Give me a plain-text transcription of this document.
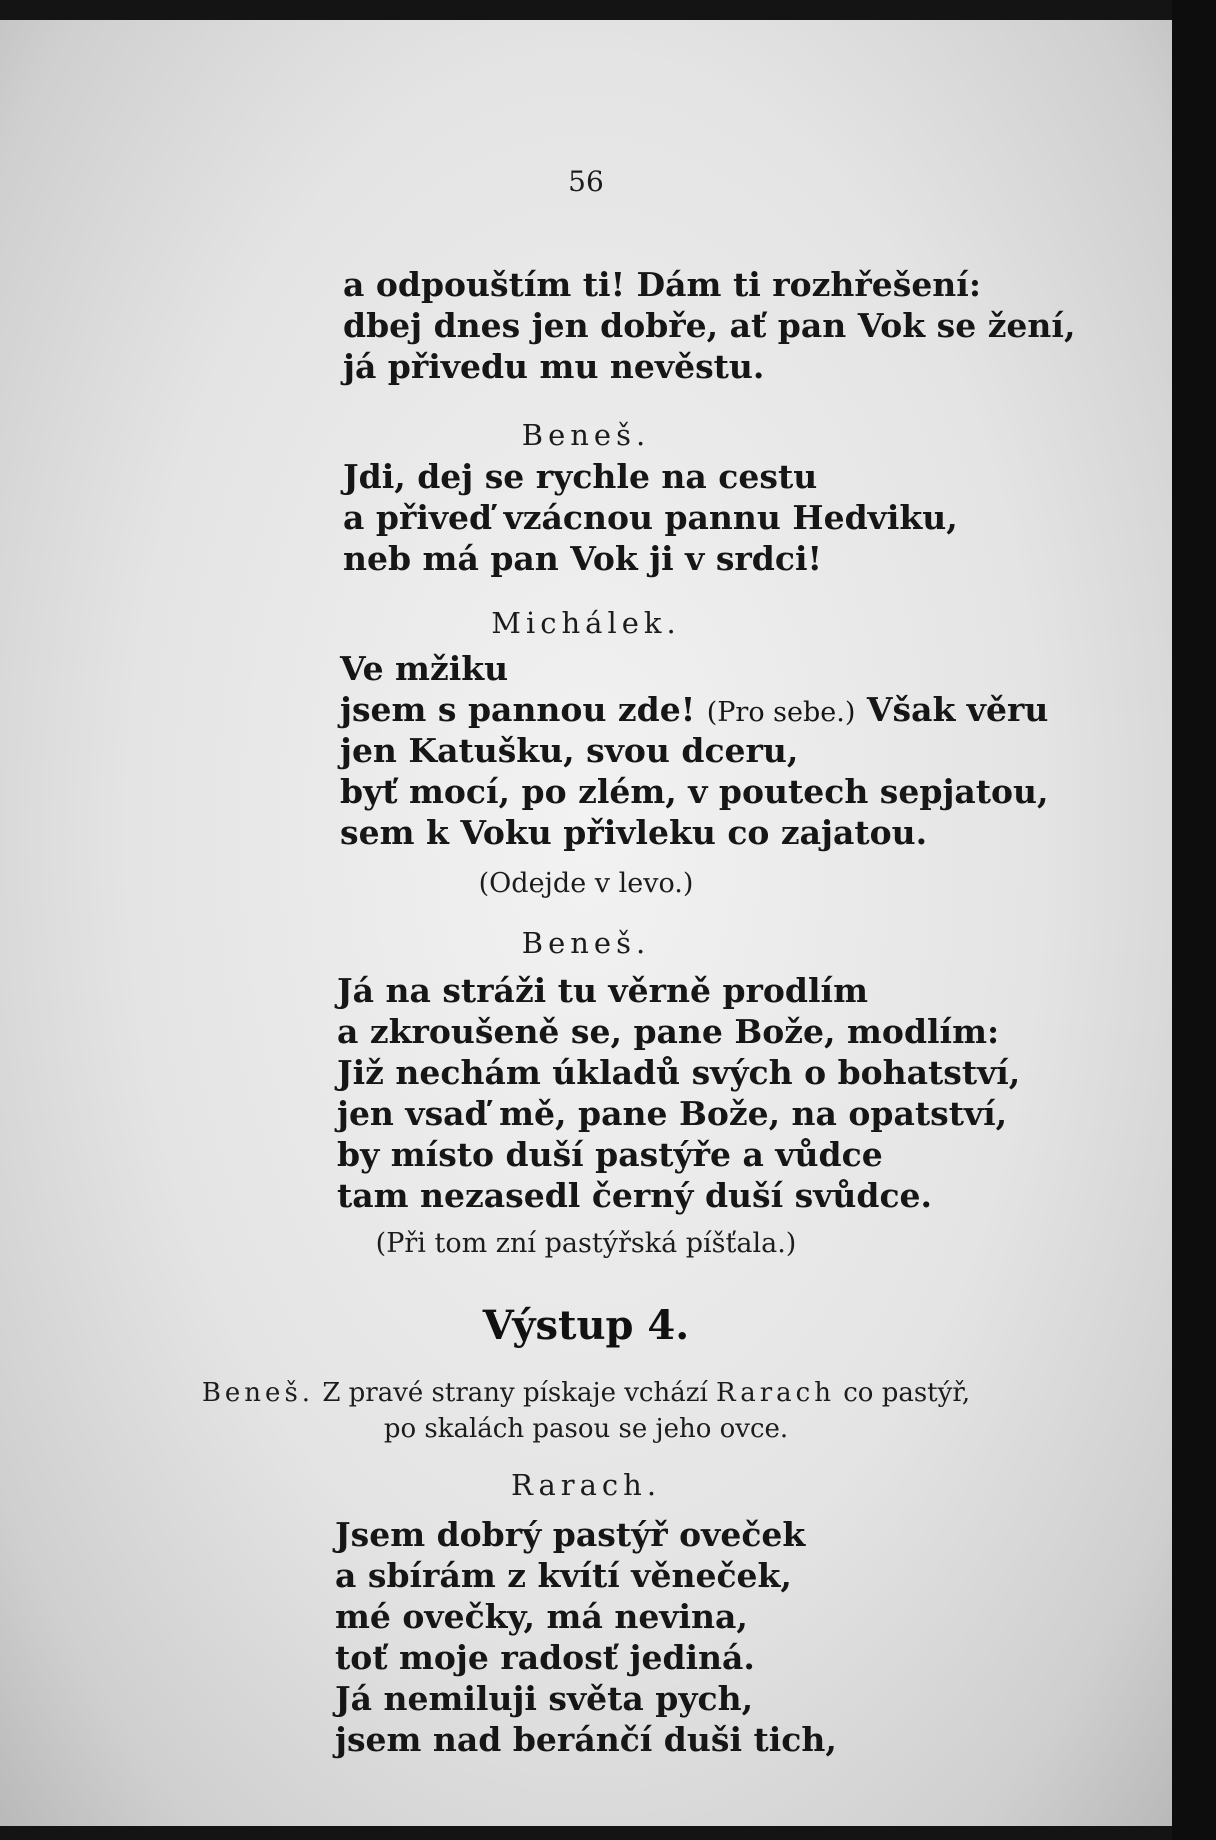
56
a odpouštím ti! Dám ti rozhřešení:
dbej dnes jen dobře, ať pan Vok se žení,
já přivedu mu nevěstu.
Beneš.
Jdi, dej se rychle na cestu
a přiveď vzácnou pannu Hedviku,
neb má pan Vok ji v srdci!
Michálek.
Ve mžiku
jsem s pannou zde! (Pro sebe.) Však věru
jen Katušku, svou dceru,
byť mocí, po zlém, v poutech sepjatou,
sem k Voku přivleku co zajatou.
(Odejde v levo.)
Beneš.
Já na stráži tu věrně prodlím
a zkroušeně se, pane Bože, modlím:
Již nechám úkladů svých o bohatství,
jen vsaď mě, pane Bože, na opatství,
by místo duší pastýře a vůdce
tam nezasedl černý duší svůdce.
(Při tom zní pastýřská píšťala.)
Výstup 4.
Beneš. Z pravé strany pískaje vchází Rarach co pastýř,
po skalách pasou se jeho ovce.
Rarach.
Jsem dobrý pastýř oveček
a sbírám z kvítí věneček,
mé ovečky, má nevina,
toť moje radosť jediná.
Já nemiluji světa pych,
jsem nad beránčí duši tich,
